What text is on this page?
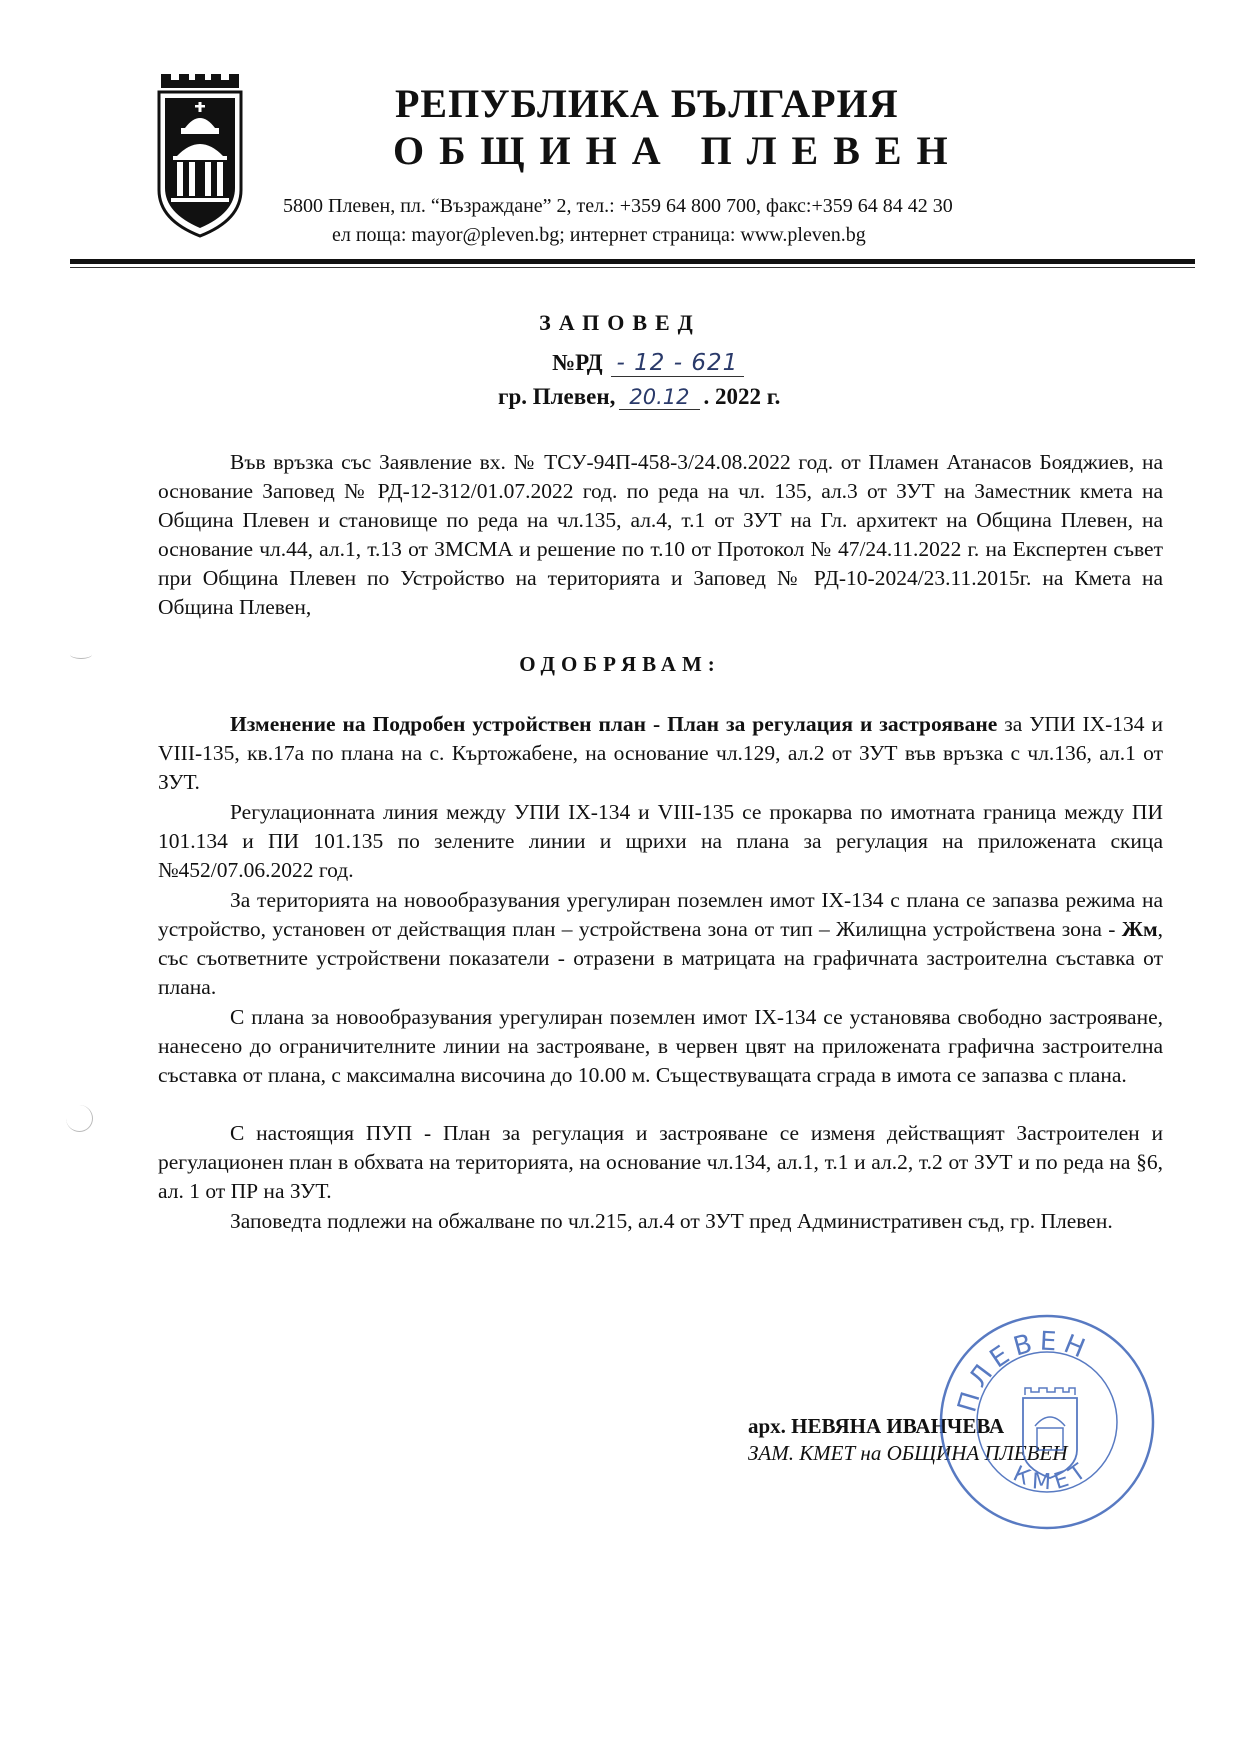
РЕПУБЛИКА БЪЛГАРИЯ
ОБЩИНА ПЛЕВЕН
5800 Плевен, пл. “Възраждане” 2, тел.: +359 64 800 700, факс:+359 64 84 42 30
ел поща: mayor@pleven.bg; интернет страница: www.pleven.bg
ЗАПОВЕД
№РД - 12 - 621
гр. Плевен, 20.12 . 2022 г.
Във връзка със Заявление вх. № ТСУ-94П-458-3/24.08.2022 год. от Пламен Атанасов Бояджиев, на основание Заповед № РД-12-312/01.07.2022 год. по реда на чл. 135, ал.3 от ЗУТ на Заместник кмета на Община Плевен и становище по реда на чл.135, ал.4, т.1 от ЗУТ на Гл. архитект на Община Плевен, на основание чл.44, ал.1, т.13 от ЗМСМА и решение по т.10 от Протокол № 47/24.11.2022 г. на Експертен съвет при Община Плевен по Устройство на територията и Заповед № РД-10-2024/23.11.2015г. на Кмета на Община Плевен,
ОДОБРЯВАМ:
Изменение на Подробен устройствен план - План за регулация и застрояване за УПИ IX-134 и VIII-135, кв.17а по плана на с. Къртожабене, на основание чл.129, ал.2 от ЗУТ във връзка с чл.136, ал.1 от ЗУТ.
Регулационната линия между УПИ IX-134 и VIII-135 се прокарва по имотната граница между ПИ 101.134 и ПИ 101.135 по зелените линии и щрихи на плана за регулация на приложената скица №452/07.06.2022 год.
За територията на новообразувания урегулиран поземлен имот IX-134 с плана се запазва режима на устройство, установен от действащия план – устройствена зона от тип – Жилищна устройствена зона - Жм, със съответните устройствени показатели - отразени в матрицата на графичната застроителна съставка от плана.
С плана за новообразувания урегулиран поземлен имот IX-134 се установява свободно застрояване, нанесено до ограничителните линии на застрояване, в червен цвят на приложената графична застроителна съставка от плана, с максимална височина до 10.00 м. Съществуващата сграда в имота се запазва с плана.
С настоящия ПУП - План за регулация и застрояване се изменя действащият Застроителен и регулационен план в обхвата на територията, на основание чл.134, ал.1, т.1 и ал.2, т.2 от ЗУТ и по реда на §6, ал. 1 от ПР на ЗУТ.
Заповедта подлежи на обжалване по чл.215, ал.4 от ЗУТ пред Административен съд, гр. Плевен.
арх. НЕВЯНА ИВАНЧЕВА
ЗАМ. КМЕТ на ОБЩИНА ПЛЕВЕН
ПЛЕВЕН
КМЕТ
